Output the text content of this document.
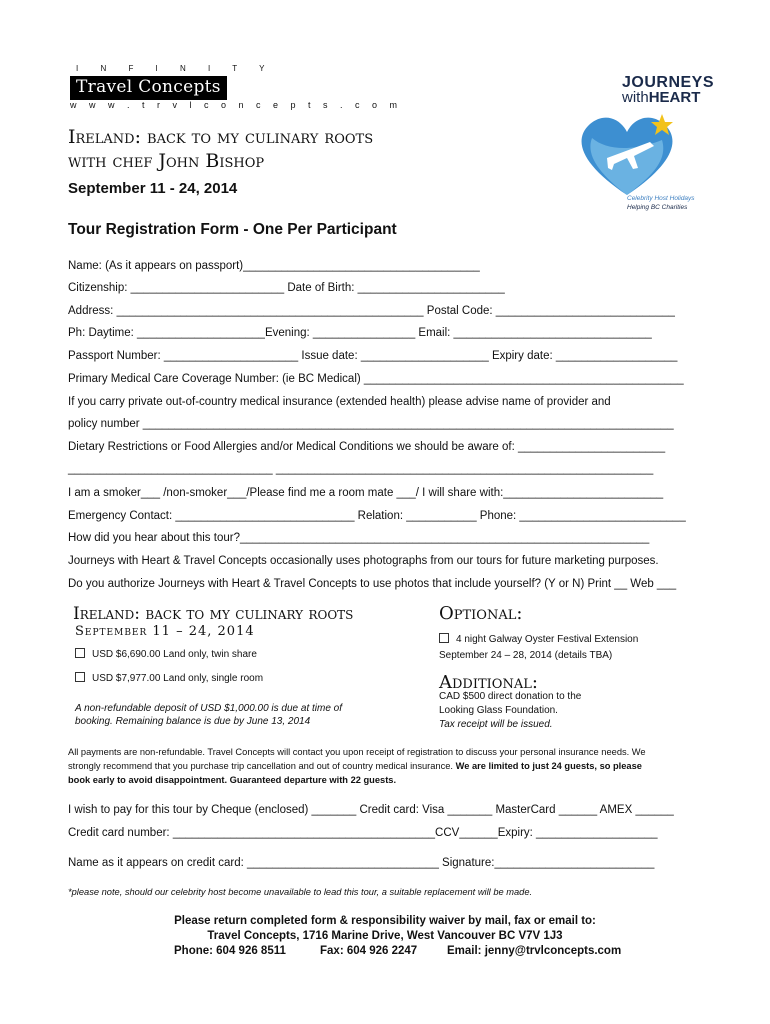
I N F I N I T Y
Travel Concepts
w w w . t r v l c o n c e p t s . c o m
JOURNEYS
withHEART
Celebrity Host Holidays
Helping BC Charities
Ireland: back to my culinary roots
with chef John Bishop
September 11 - 24, 2014
Tour Registration Form - One Per Participant
Name: (As it appears on passport)_____________________________________
Citizenship: ________________________ Date of Birth: _______________________
Address: ________________________________________________ Postal Code: ____________________________
Ph: Daytime: ____________________Evening: ________________ Email: _______________________________
Passport Number: _____________________ Issue date: ____________________ Expiry date: ___________________
Primary Medical Care Coverage Number: (ie BC Medical) __________________________________________________
If you carry private out-of-country medical insurance (extended health) please advise name of provider and
policy number ___________________________________________________________________________________
Dietary Restrictions or Food Allergies and/or Medical Conditions we should be aware of: _______________________
________________________________ ___________________________________________________________
I am a smoker___ /non-smoker___/Please find me a room mate ___/ I will share with:_________________________
Emergency Contact: ____________________________ Relation: ___________ Phone: __________________________
How did you hear about this tour?________________________________________________________________
Journeys with Heart & Travel Concepts occasionally uses photographs from our tours for future marketing purposes.
Do you authorize Journeys with Heart & Travel Concepts to use photos that include yourself? (Y or N) Print __ Web ___
Ireland: back to my culinary roots
September 11 – 24, 2014
USD $6,690.00 Land only, twin share
USD $7,977.00 Land only, single room
A non-refundable deposit of USD $1,000.00 is due at time of
booking. Remaining balance is due by June 13, 2014
Optional:
4 night Galway Oyster Festival Extension
September 24 – 28, 2014 (details TBA)
Additional:
CAD $500 direct donation to the
Looking Glass Foundation.
Tax receipt will be issued.
All payments are non-refundable. Travel Concepts will contact you upon receipt of registration to discuss your personal insurance needs. We
strongly recommend that you purchase trip cancellation and out of country medical insurance. We are limited to just 24 guests, so please
book early to avoid disappointment. Guaranteed departure with 22 guests.
I wish to pay for this tour by Cheque (enclosed) _______ Credit card: Visa _______ MasterCard ______ AMEX ______
Credit card number: _________________________________________CCV______Expiry: ___________________
Name as it appears on credit card: ______________________________ Signature:_________________________
*please note, should our celebrity host become unavailable to lead this tour, a suitable replacement will be made.
Please return completed form & responsibility waiver by mail, fax or email to:
Travel Concepts, 1716 Marine Drive, West Vancouver BC V7V 1J3
Phone: 604 926 8511	Fax: 604 926 2247	Email: jenny@trvlconcepts.com
